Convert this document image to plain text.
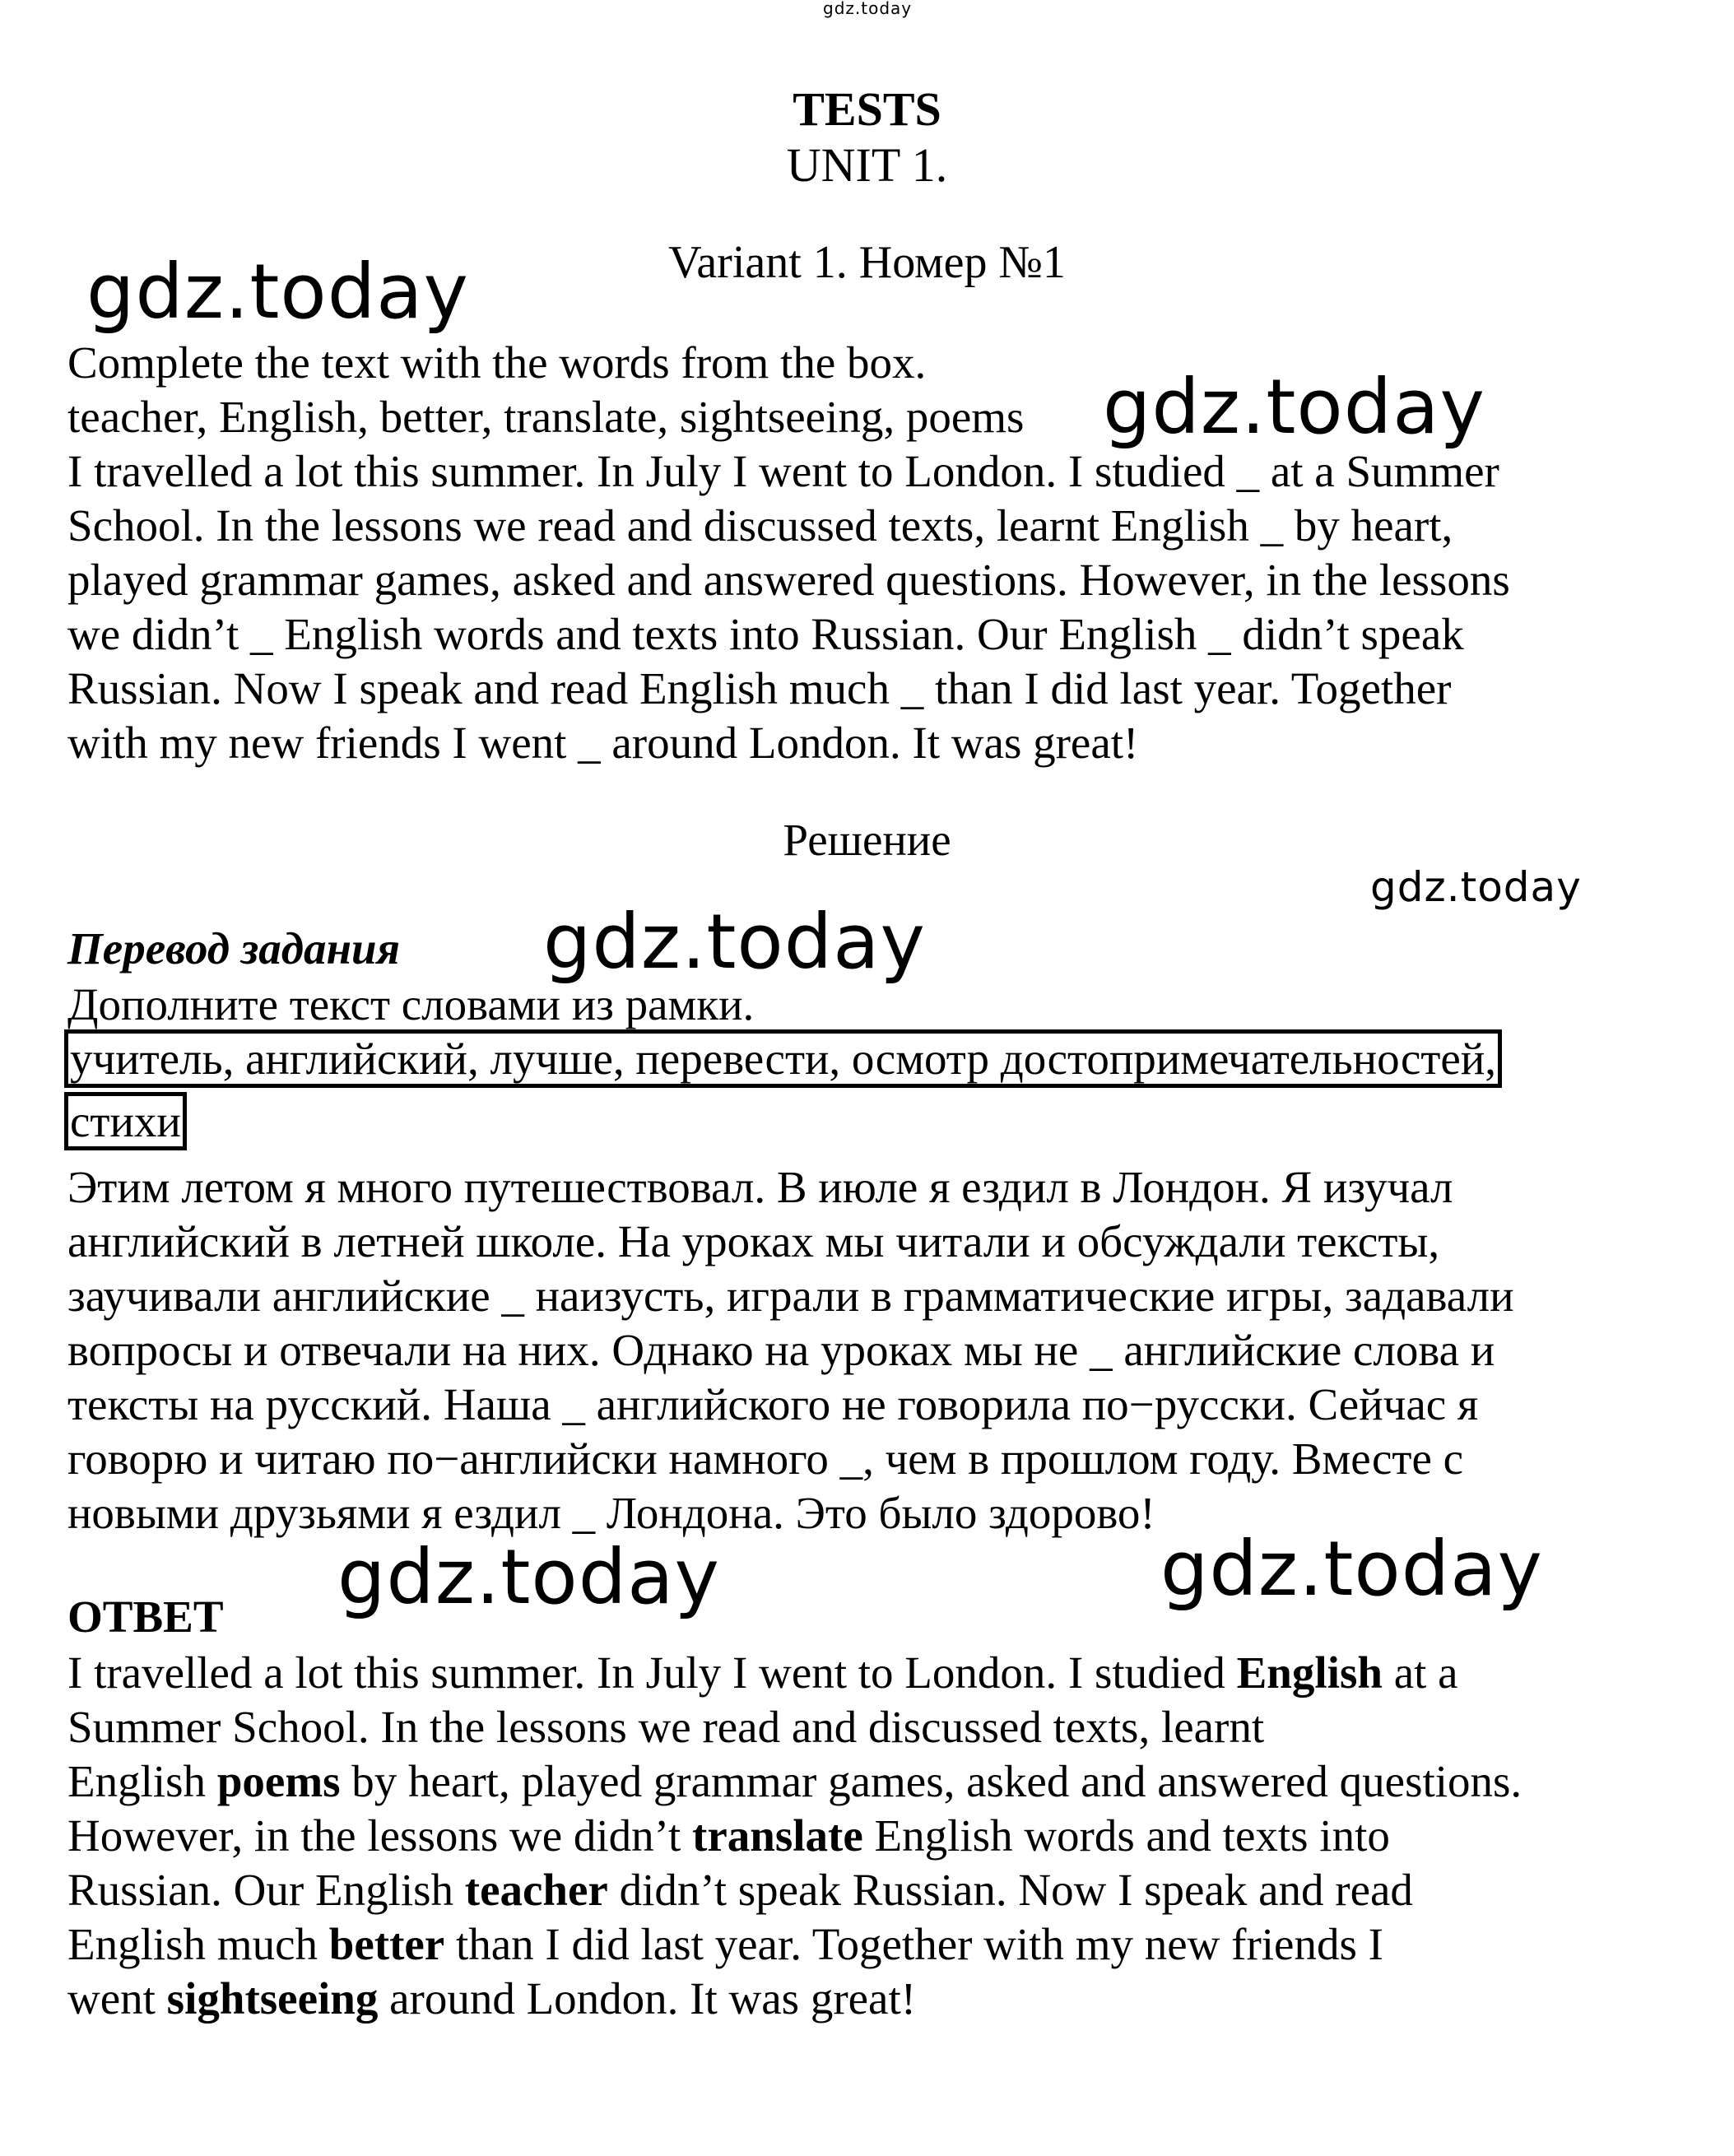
gdz.today
TESTS
UNIT 1.
Variant 1. Номер №1
gdz.today
Complete the text with the words from the box.
teacher, English, better, translate, sightseeing, poems gdz.today
I travelled a lot this summer. In July I went to London. I studied _ at a Summer
School. In the lessons we read and discussed texts, learnt English _ by heart,
played grammar games, asked and answered questions. However, in the lessons
we didn’t _ English words and texts into Russian. Our English _ didn’t speak
Russian. Now I speak and read English much _ than I did last year. Together
with my new friends I went _ around London. It was great!
Решение
gdz.today
Перевод задания gdz.today
Дополните текст словами из рамки.
учитель, английский, лучше, перевести, осмотр достопримечательностей,
стихи
Этим летом я много путешествовал. В июле я ездил в Лондон. Я изучал
английский в летней школе. На уроках мы читали и обсуждали тексты,
заучивали английские _ наизусть, играли в грамматические игры, задавали
вопросы и отвечали на них. Однако на уроках мы не _ английские слова и
тексты на русский. Наша _ английского не говорила по−русски. Сейчас я
говорю и читаю по−английски намного _, чем в прошлом году. Вместе с
новыми друзьями я ездил _ Лондона. Это было здорово!
gdz.today	gdz.today
ОТВЕТ
I travelled a lot this summer. In July I went to London. I studied English at a
Summer School. In the lessons we read and discussed texts, learnt
English poems by heart, played grammar games, asked and answered questions.
However, in the lessons we didn’t translate English words and texts into
Russian. Our English teacher didn’t speak Russian. Now I speak and read
English much better than I did last year. Together with my new friends I
went sightseeing around London. It was great!
